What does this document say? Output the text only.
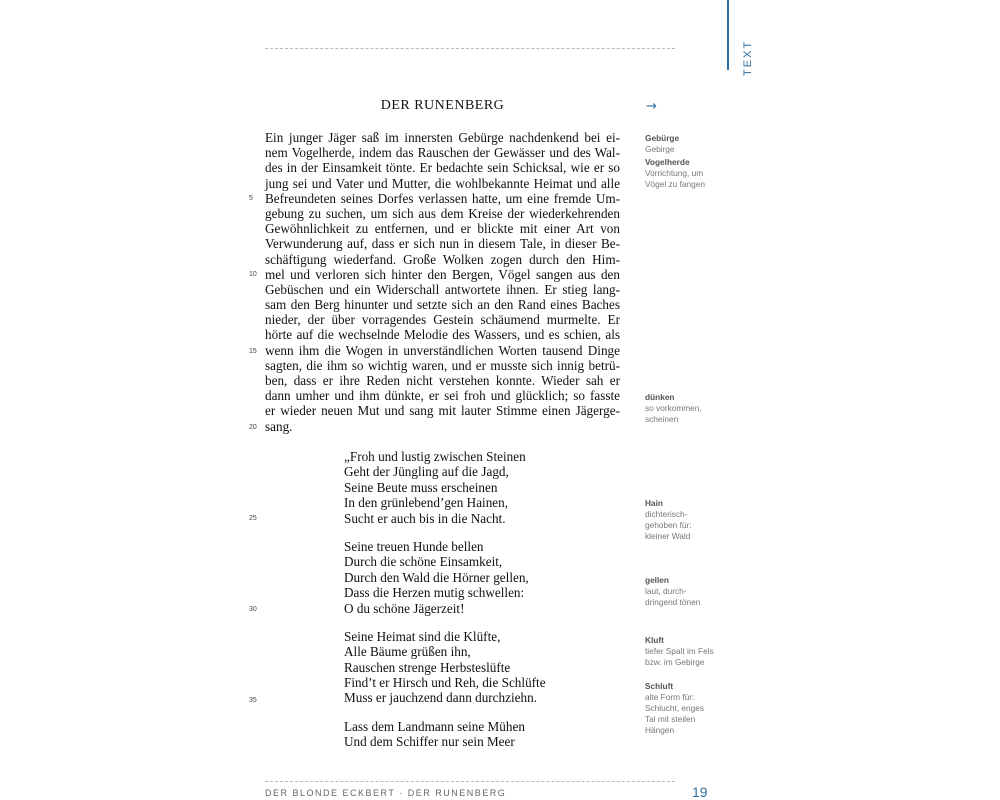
TEXT
DER RUNENBERG	→
Ein junger Jäger saß im innersten Gebürge nachdenkend bei ei-
nem Vogelherde, indem das Rauschen der Gewässer und des Wal-
des in der Einsamkeit tönte. Er bedachte sein Schicksal, wie er so
jung sei und Vater und Mutter, die wohlbekannte Heimat und alle
Befreundeten seines Dorfes verlassen hatte, um eine fremde Um-
gebung zu suchen, um sich aus dem Kreise der wiederkehrenden
Gewöhnlichkeit zu entfernen, und er blickte mit einer Art von
Verwunderung auf, dass er sich nun in diesem Tale, in dieser Be-
schäftigung wiederfand. Große Wolken zogen durch den Him-
mel und verloren sich hinter den Bergen, Vögel sangen aus den
Gebüschen und ein Widerschall antwortete ihnen. Er stieg lang-
sam den Berg hinunter und setzte sich an den Rand eines Baches
nieder, der über vorragendes Gestein schäumend murmelte. Er
hörte auf die wechselnde Melodie des Wassers, und es schien, als
wenn ihm die Wogen in unverständlichen Worten tausend Dinge
sagten, die ihm so wichtig waren, und er musste sich innig betrü-
ben, dass er ihre Reden nicht verstehen konnte. Wieder sah er
dann umher und ihm dünkte, er sei froh und glücklich; so fasste
er wieder neuen Mut und sang mit lauter Stimme einen Jägerge-
sang.
„Froh und lustig zwischen Steinen
Geht der Jüngling auf die Jagd,
Seine Beute muss erscheinen
In den grünlebend’gen Hainen,
Sucht er auch bis in die Nacht.
Seine treuen Hunde bellen
Durch die schöne Einsamkeit,
Durch den Wald die Hörner gellen,
Dass die Herzen mutig schwellen:
O du schöne Jägerzeit!
Seine Heimat sind die Klüfte,
Alle Bäume grüßen ihn,
Rauschen strenge Herbsteslüfte
Find’t er Hirsch und Reh, die Schlüfte
Muss er jauchzend dann durchziehn.
Lass dem Landmann seine Mühen
Und dem Schiffer nur sein Meer
5
10
15
20
25
30
35
Gebürge
Gebirge
Vogelherde
Vorrichtung, um
Vögel zu fangen
dünken
so vorkommen,
scheinen
Hain
dichterisch-
gehoben für:
kleiner Wald
gellen
laut, durch-
dringend tönen
Kluft
tiefer Spalt im Fels
bzw. im Gebirge
Schluft
alte Form für:
Schlucht, enges
Tal mit steilen
Hängen
DER BLONDE ECKBERT · DER RUNENBERG	19
